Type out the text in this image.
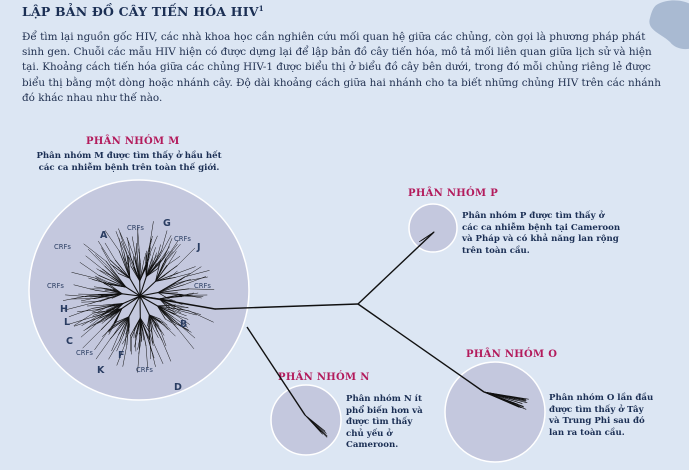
LẬP BẢN ĐỒ CÂY TIẾN HÓA HIV$^1$

Để tìm lại nguồn gốc HIV, các nhà khoa học cần nghiên cứu mối quan hệ giữa các chủng, còn gọi là phương pháp phát sinh gen. Chuỗi các mẫu HIV hiện có được dựng lại để lập bản đồ cây tiến hóa, mô tả mối liên quan giữa lịch sử và hiện tại. Khoảng cách tiến hóa giữa các chủng HIV-1 được biểu thị ở biểu đồ cây bên dưới, trong đó mỗi chủng riêng lẻ được biểu thị bằng một dòng hoặc nhánh cây. Độ dài khoảng cách giữa hai nhánh cho ta biết những chủng HIV trên các nhánh đó khác nhau như thế nào.

PHÂN NHÓM M
Phân nhóm M được tìm thấy ở hầu hết các ca nhiễm bệnh trên toàn thế giới.
PHÂN NHÓM P
Phân nhóm P được tìm thấy ở các ca nhiễm bệnh tại Cameroon và Pháp và có khả năng lan rộng trên toàn cầu.
PHÂN NHÓM N
Phân nhóm N ít phổ biến hơn và được tìm thấy chủ yếu ở Cameroon.
PHÂN NHÓM O
Phân nhóm O lần đầu được tìm thấy ở Tây và Trung Phi sau đó lan ra toàn cầu.
A
G
J
B
D
K
F
C
L
H
CRFs
CRFs
CRFs
CRFs	CRFs
CRFs
CRFs
